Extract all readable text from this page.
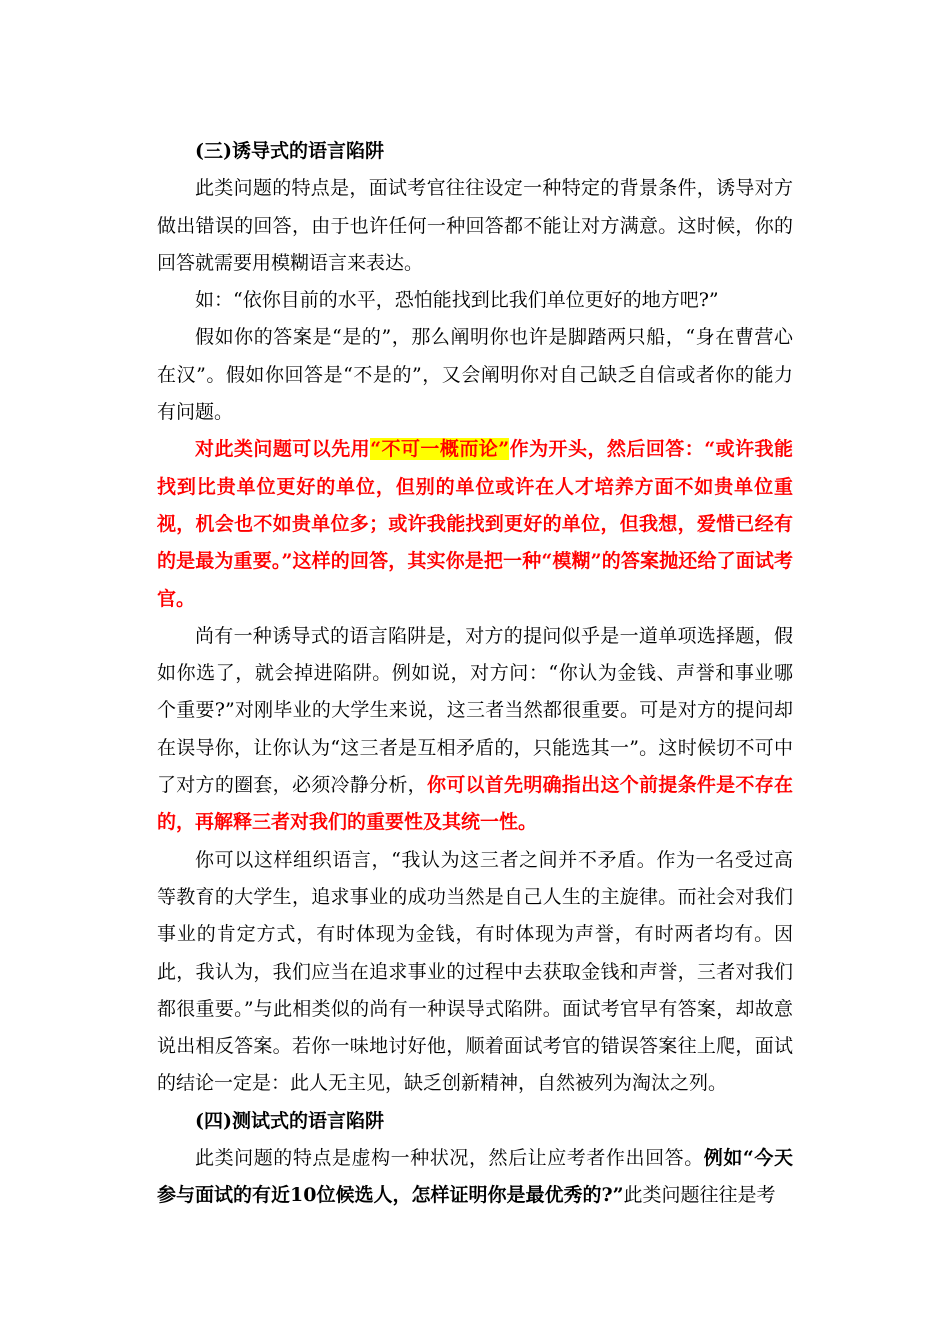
(三)诱导式的语言陷阱

此类问题的特点是，面试考官往往设定一种特定的背景条件，诱导对方做出错误的回答，由于也许任何一种回答都不能让对方满意。这时候，你的回答就需要用模糊语言来表达。

如：“依你目前的水平，恐怕能找到比我们单位更好的地方吧?”

假如你的答案是“是的”，那么阐明你也许是脚踏两只船，“身在曹营心在汉”。假如你回答是“不是的”，又会阐明你对自己缺乏自信或者你的能力有问题。

对此类问题可以先用“不可一概而论”作为开头，然后回答：“或许我能找到比贵单位更好的单位，但别的单位或许在人才培养方面不如贵单位重视，机会也不如贵单位多；或许我能找到更好的单位，但我想，爱惜已经有的是最为重要。”这样的回答，其实你是把一种“模糊”的答案抛还给了面试考官。

尚有一种诱导式的语言陷阱是，对方的提问似乎是一道单项选择题，假如你选了，就会掉进陷阱。例如说，对方问：“你认为金钱、声誉和事业哪个重要?”对刚毕业的大学生来说，这三者当然都很重要。可是对方的提问却在误导你，让你认为“这三者是互相矛盾的，只能选其一”。这时候切不可中了对方的圈套，必须冷静分析，你可以首先明确指出这个前提条件是不存在的，再解释三者对我们的重要性及其统一性。

你可以这样组织语言，“我认为这三者之间并不矛盾。作为一名受过高等教育的大学生，追求事业的成功当然是自己人生的主旋律。而社会对我们事业的肯定方式，有时体现为金钱，有时体现为声誉，有时两者均有。因此，我认为，我们应当在追求事业的过程中去获取金钱和声誉，三者对我们都很重要。”与此相类似的尚有一种误导式陷阱。面试考官早有答案，却故意说出相反答案。若你一味地讨好他，顺着面试考官的错误答案往上爬，面试的结论一定是：此人无主见，缺乏创新精神，自然被列为淘汰之列。

(四)测试式的语言陷阱

此类问题的特点是虚构一种状况，然后让应考者作出回答。例如“今天参与面试的有近10位候选人，怎样证明你是最优秀的?”此类问题往往是考
